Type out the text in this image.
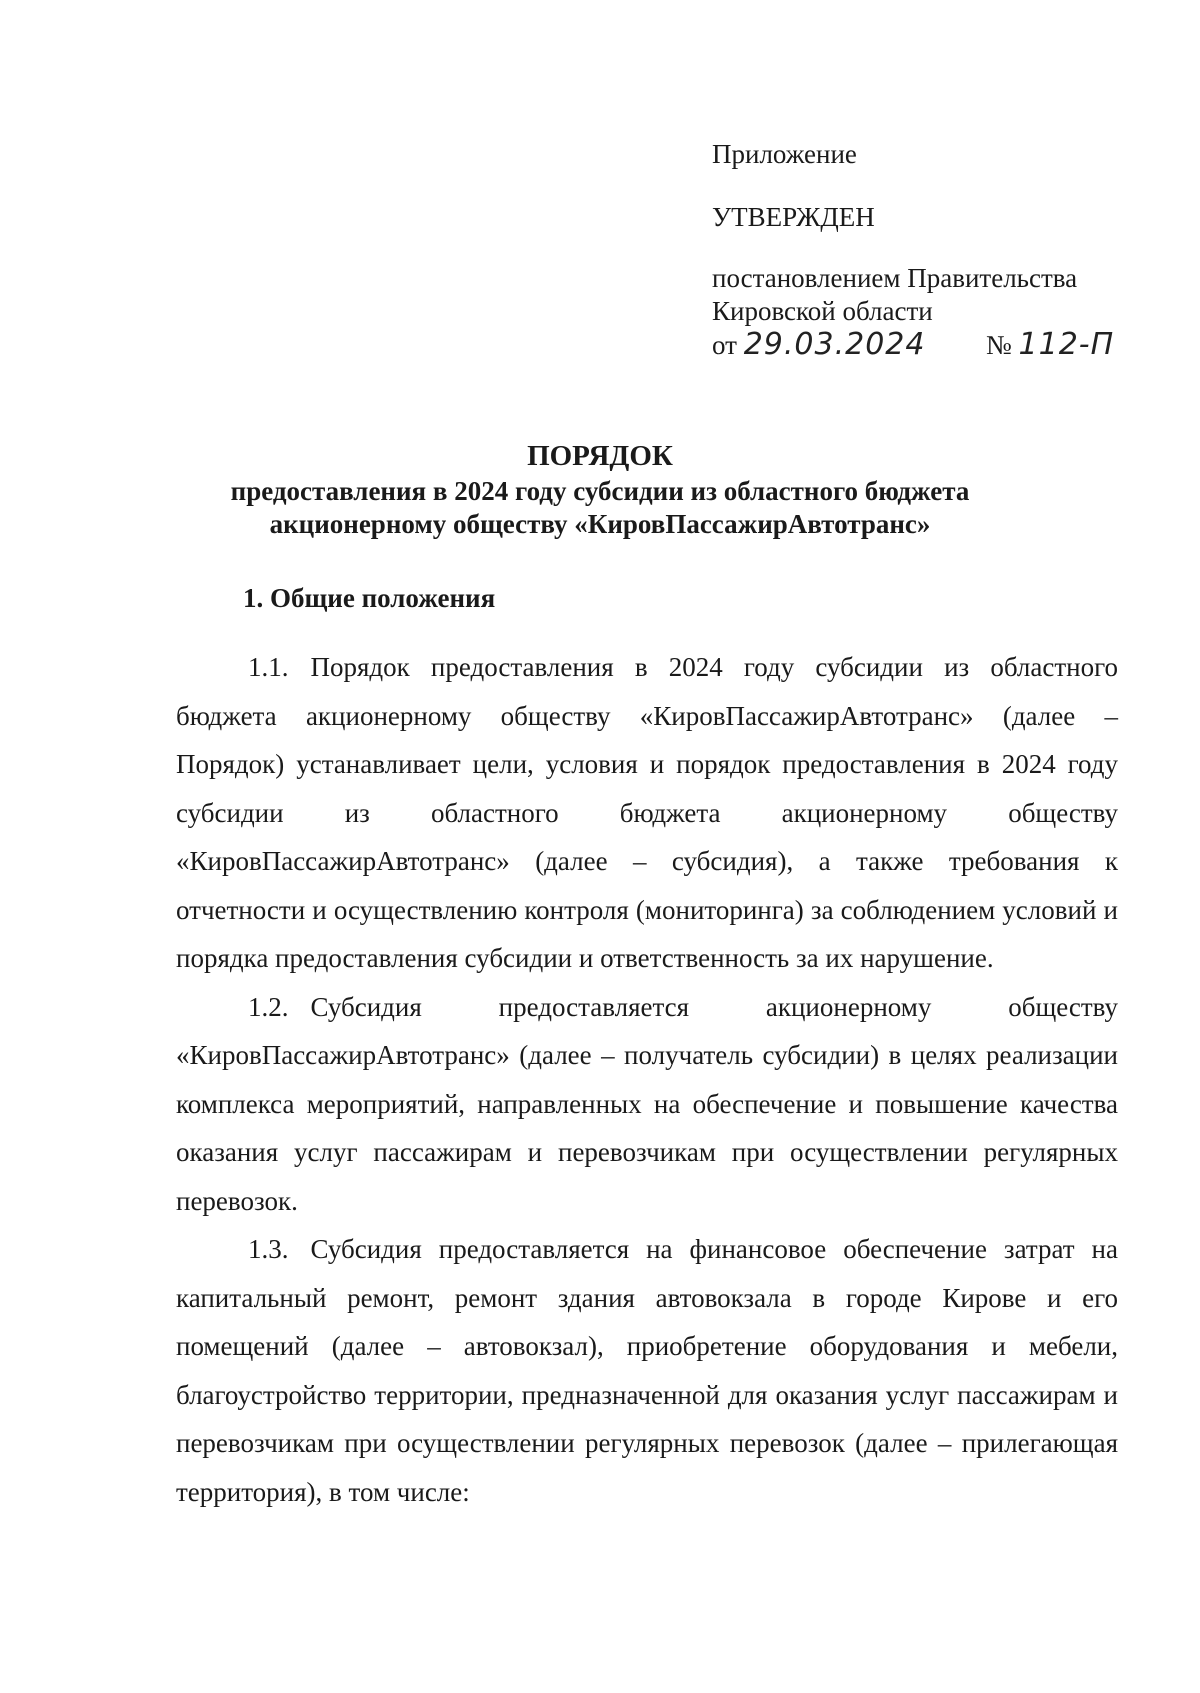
Приложение
УТВЕРЖДЕН
постановлением Правительства
Кировской области
от 29.03.2024 № 112-П
ПОРЯДОК
предоставления в 2024 году субсидии из областного бюджета
акционерному обществу «КировПассажирАвтотранс»
1. Общие положения

1.1. Порядок предоставления в 2024 году субсидии из областного бюджета акционерному обществу «КировПассажирАвтотранс» (далее – Порядок) устанавливает цели, условия и порядок предоставления в 2024 году субсидии из областного бюджета акционерному обществу «КировПассажирАвтотранс» (далее – субсидия), а также требования к отчетности и осуществлению контроля (мониторинга) за соблюдением условий и порядка предоставления субсидии и ответственность за их нарушение.

1.2. Субсидия предоставляется акционерному обществу «КировПассажирАвтотранс» (далее – получатель субсидии) в целях реализации комплекса мероприятий, направленных на обеспечение и повышение качества оказания услуг пассажирам и перевозчикам при осуществлении регулярных перевозок.

1.3. Субсидия предоставляется на финансовое обеспечение затрат на капитальный ремонт, ремонт здания автовокзала в городе Кирове и его помещений (далее – автовокзал), приобретение оборудования и мебели, благоустройство территории, предназначенной для оказания услуг пассажирам и перевозчикам при осуществлении регулярных перевозок (далее – прилегающая территория), в том числе:
